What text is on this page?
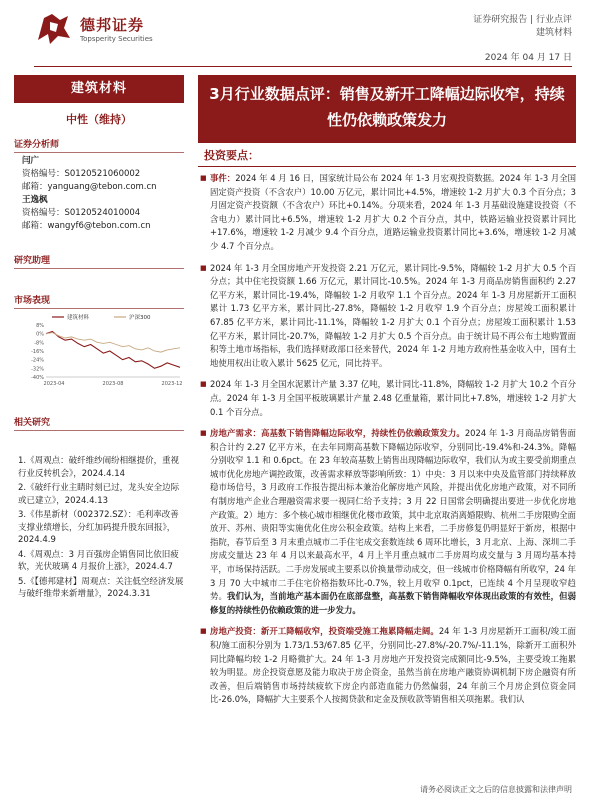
德邦证券
Topsperity Securities
证券研究报告 | 行业点评
建筑材料
2024 年 04 月 17 日
建筑材料
中性（维持）
证券分析师
闫广
资格编号：S0120521060002
邮箱：yanguang@tebon.com.cn
王逸枫
资格编号：S0120524010004
邮箱：wangyf6@tebon.com.cn
研究助理
市场表现
8%
0%
-8%
-16%
-24%
-32%
-40%
2023-04	2023-08	2023-12
建筑材料	沪深300
相关研究
1.《周观点：破纤维纱闹纷相继提价，重视行业反转机会》，2024.4.14
2.《破纤行业主睛时刻已过，龙头安全边际或已建立》，2024.4.13
3.《伟星新材（002372.SZ）：毛利率改善支撑业绩增长，分红加码提升股东回报》，2024.4.9
4.《周观点：3 月百强房企销售同比依旧疲软，光伏玻璃 4 月报价上涨》，2024.4.7
5.《【德邦建材】周观点：关注低空经济发展与破纤维带来新增量》，2024.3.31
3月行业数据点评：销售及新开工降幅边际收窄，持续性仍依赖政策发力
投资要点：
■ 事件：2024 年 4 月 16 日，国家统计局公布 2024 年 1-3 月宏观投资数据。2024 年 1-3 月全国固定资产投资（不含农户）10.00 万亿元，累计同比+4.5%，增速较 1-2 月扩大 0.3 个百分点；3 月固定资产投资额（不含农户）环比+0.14%。分项来看，2024 年 1-3 月基础设施建设投资（不含电力）累计同比+6.5%，增速较 1-2 月扩大 0.2 个百分点，其中，铁路运输业投资累计同比+17.6%，增速较 1-2 月减少 9.4 个百分点，道路运输业投资累计同比+3.6%，增速较 1-2 月减少 4.7 个百分点。
■ 2024 年 1-3 月全国房地产开发投资 2.21 万亿元，累计同比-9.5%，降幅较 1-2 月扩大 0.5 个百分点；其中住宅投资额 1.66 万亿元，累计同比-10.5%。2024 年 1-3 月商品房销售面积约 2.27 亿平方米，累计同比-19.4%，降幅较 1-2 月收窄 1.1 个百分点。2024 年 1-3 月房屋新开工面积累计 1.73 亿平方米，累计同比-27.8%，降幅较 1-2 月收窄 1.9 个百分点；房屋竣工面积累计 67.85 亿平方米，累计同比-11.1%，降幅较 1-2 月扩大 0.1 个百分点；房屋竣工面积累计 1.53 亿平方米，累计同比-20.7%，降幅较 1-2 月扩大 0.5 个百分点。由于统计局不再公布土地购置面积等土地市场指标，我们选择财政部口径来替代，2024 年 1-2 月地方政府性基金收入中，国有土地使用权出让收入累计 5625 亿元，同比持平。
■ 2024 年 1-3 月全国水泥累计产量 3.37 亿吨，累计同比-11.8%，降幅较 1-2 月扩大 10.2 个百分点。2024 年 1-3 月全国平板玻璃累计产量 2.48 亿重量箱，累计同比+7.8%，增速较 1-2 月扩大 0.1 个百分点。
■ 房地产需求：高基数下销售降幅边际收窄，持续性仍依赖政策发力。2024 年 1-3 月商品房销售面积合计约 2.27 亿平方米，在去年同期高基数下降幅边际收窄，分别同比-19.4%和-24.3%。降幅分别收窄 1.1 和 0.6pct。在 23 年较高基数上销售出现降幅边际收窄，我们认为或主要受前期重点城市优化房地产调控政策，改善需求释放等影响所致：1）中央：3 月以来中央及监管部门持续释放稳市场信号，3 月政府工作报告提出标本兼治化解房地产风险，并提出优化房地产政策，对不同所有制房地产企业合理融资需求要一视同仁给予支持；3 月 22 日国常会明确提出要进一步优化房地产政策。2）地方：多个核心城市相继优化楼市政策，其中北京取消离婚限购、杭州二手房限购全面放开、苏州、贵阳等实施优化住房公积金政策。结构上来看，二手房修复仍明显好于新房，根据中指院，春节后至 3 月末重点城市二手住宅成交套数连续 6 周环比增长，3 月北京、上海、深圳二手房成交量达 23 年 4 月以来最高水平，4 月上半月重点城市二手房周均成交量与 3 月周均基本持平，市场保持活跃。二手房发展或主要系以价换量带动成交，但一线城市价格降幅有所收窄，24 年 3 月 70 大中城市二手住宅价格指数环比-0.7%，较上月收窄 0.1pct，已连续 4 个月呈现收窄趋势。我们认为，当前地产基本面仍在底部盘整，高基数下销售降幅收窄体现出政策的有效性，但弱修复的持续性仍依赖政策的进一步发力。
■ 房地产投资：新开工降幅收窄，投资端受施工拖累降幅走阔。24 年 1-3 月房屋新开工面积/竣工面积/施工面积分别为 1.73/1.53/67.85 亿平，分别同比-27.8%/-20.7%/-11.1%，除新开工面积外同比降幅均较 1-2 月略微扩大。24 年 1-3 月房地产开发投资完成额同比-9.5%，主要受竣工拖累较为明显。房企投资意愿及能力取决于房企资金，虽然当前在房地产融资协调机制下房企融资有所改善，但后端销售市场持续疲软下房企内部造血能力仍然偏弱，24 年前三个月房企到位资金同比-26.0%，降幅扩大主要系个人按揭贷款和定金及预收款等销售相关项拖累。我们认
请务必阅读正文之后的信息披露和法律声明
